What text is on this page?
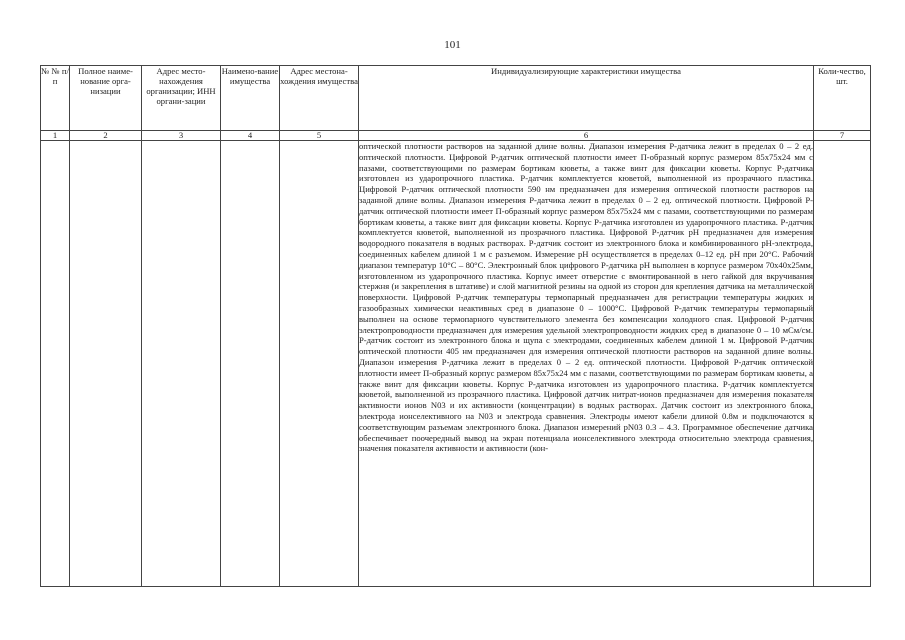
101
№ № п/п	Полное наиме-нование орга-низации	Адрес место-нахождения организации; ИНН органи-зации	Наимено-вание имущества	Адрес местона-хождения имущества	Индивидуализирующие характеристики имущества	Коли-чество, шт.
1	2	3	4	5	6	7

					оптической плотности растворов на заданной длине волны. Диапазон измерения Р-датчика лежит в пределах 0 – 2 ед. оптической плотности. Цифровой Р-датчик оптической плотности имеет П-образный корпус размером 85x75x24 мм с пазами, соответствующими по размерам бортикам кюветы, а также винт для фиксации кюветы. Корпус Р-датчика изготовлен из ударопрочного пластика. Р-датчик комплектуется кюветой, выполненной из прозрачного пластика. Цифровой Р-датчик оптической плотности 590 нм предназначен для измерения оптической плотности растворов на заданной длине волны. Диапазон измерения Р-датчика лежит в пределах 0 – 2 ед. оптической плотности. Цифровой Р-датчик оптической плотности имеет П-образный корпус размером 85x75x24 мм с пазами, соответствующими по размерам бортикам кюветы, а также винт для фиксации кюветы. Корпус Р-датчика изготовлен из ударопрочного пластика. Р-датчик комплектуется кюветой, выполненной из прозрачного пластика. Цифровой Р-датчик рН предназначен для измерения водородного показателя в водных растворах. Р-датчик состоит из электронного блока и комбинированного рН-электрода, соединенных кабелем длиной 1 м с разъемом. Измерение рН осуществляется в пределах 0–12 ед. рН при 20°С. Рабочий диапазон температур 10°С – 80°С. Электронный блок цифрового Р-датчика рН выполнен в корпусе размером 70x40x25мм, изготовленном из ударопрочного пластика. Корпус имеет отверстие с вмонтированной в него гайкой для вкручивания стержня (и закрепления в штативе) и слой магнитной резины на одной из сторон для крепления датчика на металлической поверхности. Цифровой Р-датчик температуры термопарный предназначен для регистрации температуры жидких и газообразных химически неактивных сред в диапазоне 0 – 1000°С. Цифровой Р-датчик температуры термопарный выполнен на основе термопарного чувствительного элемента без компенсации холодного спая. Цифровой Р-датчик электропроводности предназначен для измерения удельной электропроводности жидких сред в диапазоне 0 – 10 мСм/см. Р-датчик состоит из электронного блока и щупа с электродами, соединенных кабелем длиной 1 м. Цифровой Р-датчик оптической плотности 405 нм предназначен для измерения оптической плотности растворов на заданной длине волны. Диапазон измерения Р-датчика лежит в пределах 0 – 2 ед. оптической плотности. Цифровой Р-датчик оптической плотности имеет П-образный корпус размером 85x75x24 мм с пазами, соответствующими по размерам бортикам кюветы, а также винт для фиксации кюветы. Корпус Р-датчика изготовлен из ударопрочного пластика. Р-датчик комплектуется кюветой, выполненной из прозрачного пластика. Цифровой датчик нитрат-ионов предназначен для измерения показателя активности ионов N03 и их активности (концентрации) в водных растворах. Датчик состоит из электронного блока, электрода ионселективного на N03 и электрода сравнения. Электроды имеют кабели длиной 0.8м и подключаются к соответствующим разъемам электронного блока. Диапазон измерений pN03 0.3 – 4.3. Программное обеспечение датчика обеспечивает поочередный вывод на экран потенциала ионселективного электрода относительно электрода сравнения, значения показателя активности и активности (кон-	
